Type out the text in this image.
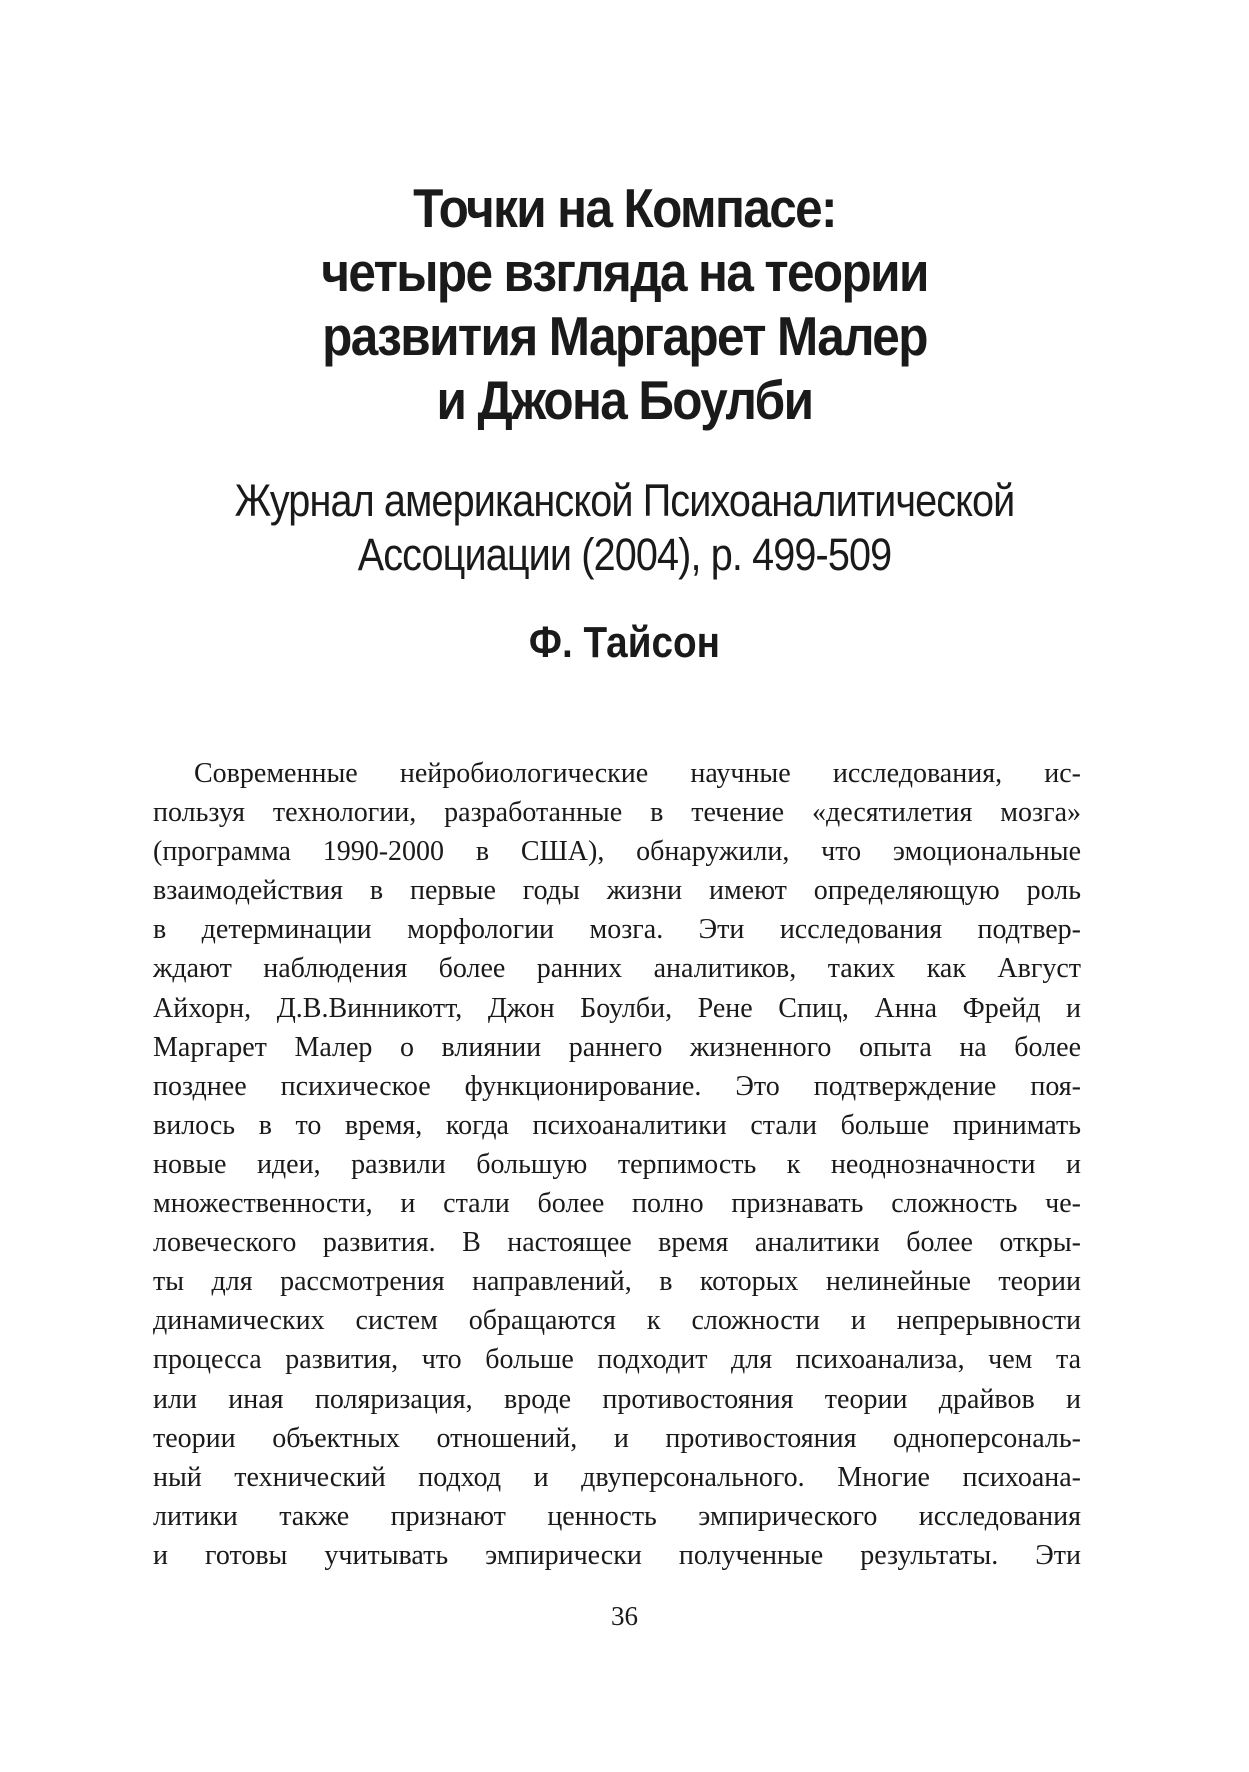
Точки на Компасе:
четыре взгляда на теории
развития Маргарет Малер
и Джона Боулби
Журнал американской Психоаналитической
Ассоциации (2004), р. 499-509
Ф. Тайсон
Современные нейробиологические научные исследования, ис-
пользуя технологии, разработанные в течение «десятилетия мозга»
(программа 1990-2000 в США), обнаружили, что эмоциональные
взаимодействия в первые годы жизни имеют определяющую роль
в детерминации морфологии мозга. Эти исследования подтвер-
ждают наблюдения более ранних аналитиков, таких как Август
Айхорн, Д.В.Винникотт, Джон Боулби, Рене Спиц, Анна Фрейд и
Маргарет Малер о влиянии раннего жизненного опыта на более
позднее психическое функционирование. Это подтверждение поя-
вилось в то время, когда психоаналитики стали больше принимать
новые идеи, развили большую терпимость к неоднозначности и
множественности, и стали более полно признавать сложность че-
ловеческого развития. В настоящее время аналитики более откры-
ты для рассмотрения направлений, в которых нелинейные теории
динамических систем обращаются к сложности и непрерывности
процесса развития, что больше подходит для психоанализа, чем та
или иная поляризация, вроде противостояния теории драйвов и
теории объектных отношений, и противостояния одноперсональ-
ный технический подход и двуперсонального. Многие психоана-
литики также признают ценность эмпирического исследования
и готовы учитывать эмпирически полученные результаты. Эти
36
